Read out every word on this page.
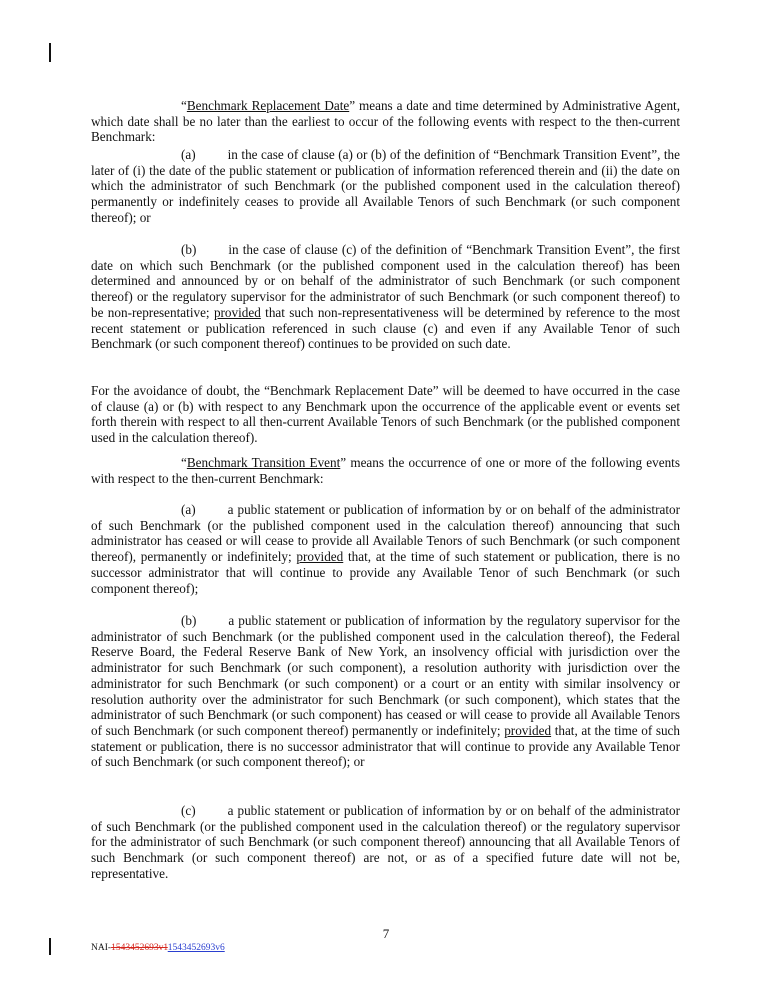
“Benchmark Replacement Date” means a date and time determined by Administrative Agent, which date shall be no later than the earliest to occur of the following events with respect to the then-current Benchmark:

(a) in the case of clause (a) or (b) of the definition of “Benchmark Transition Event”, the later of (i) the date of the public statement or publication of information referenced therein and (ii) the date on which the administrator of such Benchmark (or the published component used in the calculation thereof) permanently or indefinitely ceases to provide all Available Tenors of such Benchmark (or such component thereof); or

(b) in the case of clause (c) of the definition of “Benchmark Transition Event”, the first date on which such Benchmark (or the published component used in the calculation thereof) has been determined and announced by or on behalf of the administrator of such Benchmark (or such component thereof) or the regulatory supervisor for the administrator of such Benchmark (or such component thereof) to be non-representative; provided that such non-representativeness will be determined by reference to the most recent statement or publication referenced in such clause (c) and even if any Available Tenor of such Benchmark (or such component thereof) continues to be provided on such date.

For the avoidance of doubt, the “Benchmark Replacement Date” will be deemed to have occurred in the case of clause (a) or (b) with respect to any Benchmark upon the occurrence of the applicable event or events set forth therein with respect to all then-current Available Tenors of such Benchmark (or the published component used in the calculation thereof).

“Benchmark Transition Event” means the occurrence of one or more of the following events with respect to the then-current Benchmark:

(a) a public statement or publication of information by or on behalf of the administrator of such Benchmark (or the published component used in the calculation thereof) announcing that such administrator has ceased or will cease to provide all Available Tenors of such Benchmark (or such component thereof), permanently or indefinitely; provided that, at the time of such statement or publication, there is no successor administrator that will continue to provide any Available Tenor of such Benchmark (or such component thereof);

(b) a public statement or publication of information by the regulatory supervisor for the administrator of such Benchmark (or the published component used in the calculation thereof), the Federal Reserve Board, the Federal Reserve Bank of New York, an insolvency official with jurisdiction over the administrator for such Benchmark (or such component), a resolution authority with jurisdiction over the administrator for such Benchmark (or such component) or a court or an entity with similar insolvency or resolution authority over the administrator for such Benchmark (or such component), which states that the administrator of such Benchmark (or such component) has ceased or will cease to provide all Available Tenors of such Benchmark (or such component thereof) permanently or indefinitely; provided that, at the time of such statement or publication, there is no successor administrator that will continue to provide any Available Tenor of such Benchmark (or such component thereof); or

(c) a public statement or publication of information by or on behalf of the administrator of such Benchmark (or the published component used in the calculation thereof) or the regulatory supervisor for the administrator of such Benchmark (or such component thereof) announcing that all Available Tenors of such Benchmark (or such component thereof) are not, or as of a specified future date will not be, representative.

7
NAI-1543452693v11543452693v6
